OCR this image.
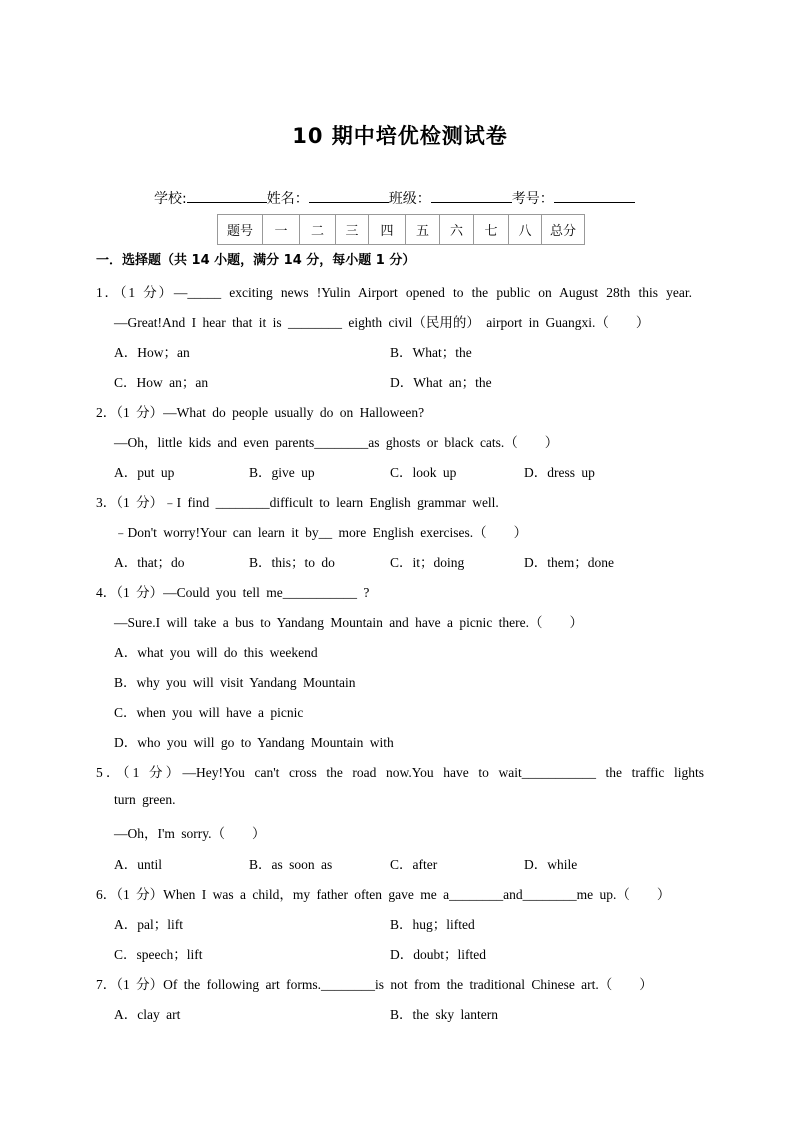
10 期中培优检测试卷
学校:	姓名：	班级：	考号：
题号	一	二	三	四	五	六	七	八	总分

一．选择题（共 14 小题，满分 14 分，每小题 1 分）
1．（1 分）—_____ exciting news !Yulin Airport opened to the public on August 28th this year.
—Great!And I hear that it is ________ eighth civil（民用的） airport in Guangxi.（　　）
A．How；an	B．What；the
C．How an；an	D．What an；the
2．（1 分）—What do people usually do on Halloween?
—Oh，little kids and even parents________as ghosts or black cats.（　　）
A．put up	B．give up	C．look up	D．dress up
3．（1 分）﹣I find ________difficult to learn English grammar well.
﹣Don't worry!Your can learn it by__ more English exercises.（　　）
A．that；do	B．this；to do	C．it；doing	D．them；done
4．（1 分）—Could you tell me___________ ?
—Sure.I will take a bus to Yandang Mountain and have a picnic there.（　　）
A．what you will do this weekend
B．why you will visit Yandang Mountain
C．when you will have a picnic
D．who you will go to Yandang Mountain with
5．（1 分）—Hey!You can't cross the road now.You have to wait___________ the traffic lights
turn green.
—Oh，I'm sorry.（　　）
A．until	B．as soon as	C．after	D．while
6．（1 分）When I was a child，my father often gave me a________and________me up.（　　）
A．pal；lift	B．hug；lifted
C．speech；lift	D．doubt；lifted
7．（1 分）Of the following art forms.________is not from the traditional Chinese art.（　　）
A．clay art	B．the sky lantern
